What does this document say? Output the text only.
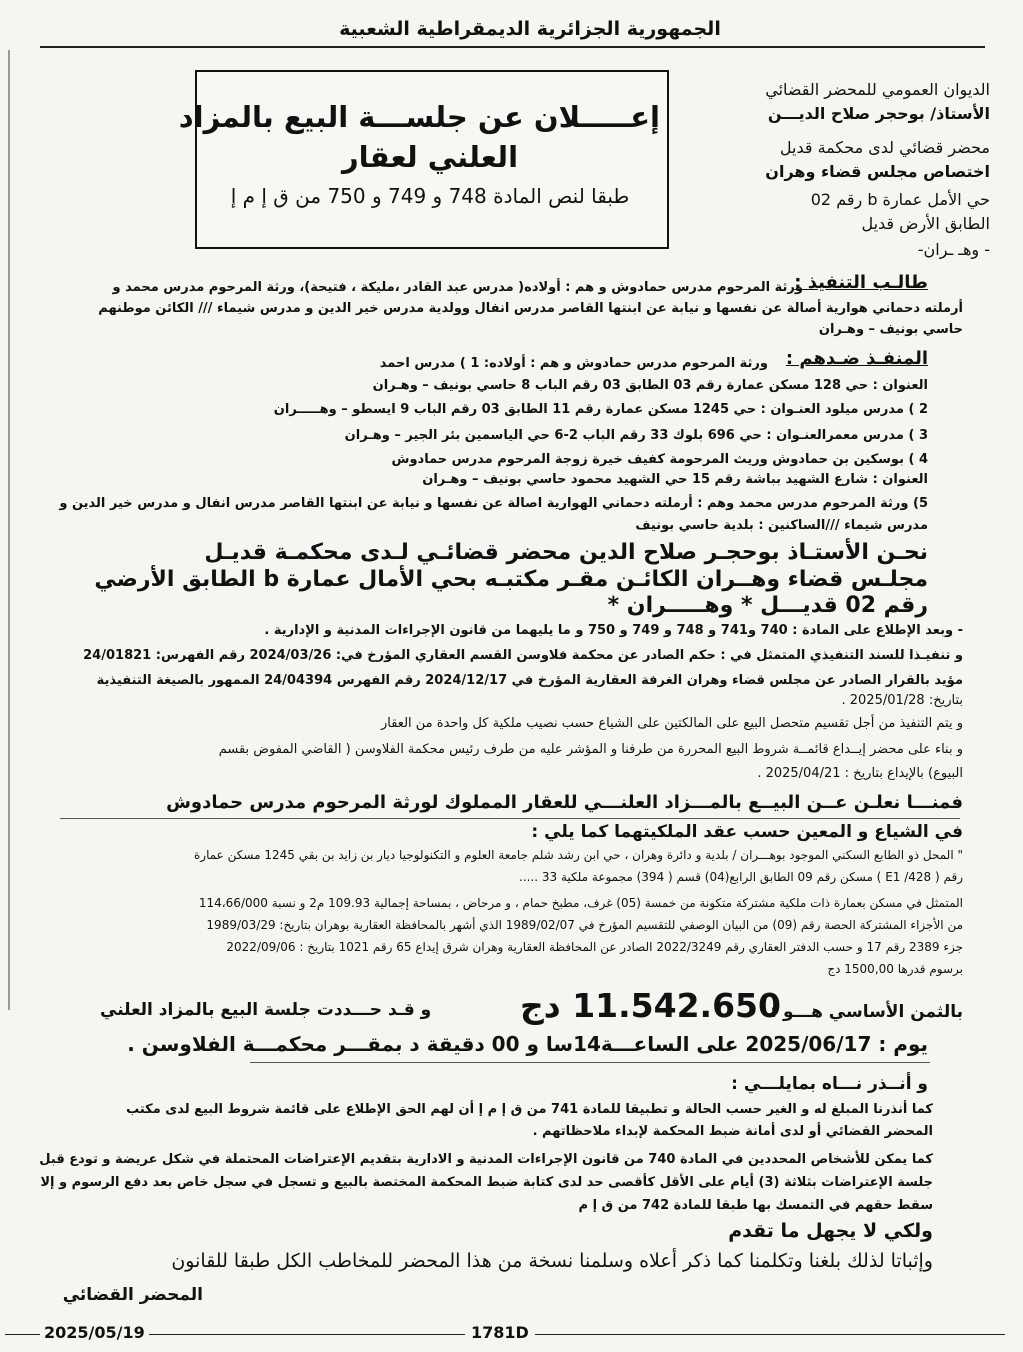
الجمهورية الجزائرية الديمقراطية الشعبية
إعـــــلان عن جلســـة البيع بالمزاد
العلني لعقار
طبقا لنص المادة 748 و 749 و 750 من ق إ م إ
الديوان العمومي للمحضر القضائي
الأستاذ/ بوحجر صلاح الديـــن
محضر قضائي لدى محكمة قديل
اختصاص مجلس قضاء وهران
حي الأمل عمارة b رقم 02
الطابق الأرض قديل
- وهـ ـران-
طالـب التنفيذ :
ورثة المرحوم مدرس حمادوش و هم : أولاده( مدرس عبد القادر ،مليكة ، فتيحة)، ورثة المرحوم مدرس محمد و
أرملته دحماني هوارية أصالة عن نفسها و نيابة عن ابنتها القاصر مدرس انفال وولدية مدرس خير الدين و مدرس شيماء /// الكائن موطنهم
حاسي بونيف – وهـران
المنفـذ ضـدهم :
ورثة المرحوم مدرس حمادوش و هم : أولاده: 1 ) مدرس احمد
العنوان : حي 128 مسكن عمارة رقم 03 الطابق 03 رقم الباب 8 حاسي بونيف – وهـران
2 ) مدرس ميلود العنـوان : حي 1245 مسكن عمارة رقم 11 الطابق 03 رقم الباب 9 ايسطو – وهـــــران
3 ) مدرس معمرالعنـوان : حي 696 بلوك 33 رقم الباب 2-6 حي الياسمين بئر الجير – وهـران
4 ) بوسكين بن حمادوش وريث المرحومة كفيف خيرة زوجة المرحوم مدرس حمادوش
العنوان : شارع الشهيد بباشة رقم 15 حي الشهيد محمود حاسي بونيف – وهـران
5) ورثة المرحوم مدرس محمد وهم : أرملته دحماني الهوارية اصالة عن نفسها و نيابة عن ابنتها القاصر مدرس انفال و مدرس خير الدين و
مدرس شيماء ///الساكنين : بلدية حاسي بونيف
نحـن الأستـاذ بوحجـر صلاح الدين محضر قضائـي لـدى محكمـة قديـل
مجلـس قضاء وهــران الكائـن مقـر مكتبـه بحي الأمال عمارة b الطابق الأرضي
رقم 02 قديـــل * وهـــــران *
- وبعد الإطلاع على المادة : 740 و741 و 748 و 749 و 750 و ما يليهما من قانون الإجراءات المدنية و الإدارية .
و تنفيـذا للسند التنفيذي المتمثل في : حكم الصادر عن محكمة فلاوسن القسم العقاري المؤرخ في: 2024/03/26 رقم الفهرس: 24/01821
مؤيد بالقرار الصادر عن مجلس قضاء وهران الغرفة العقارية المؤرخ في 2024/12/17 رقم الفهرس 24/04394 الممهور بالصيغة التنفيذية
بتاريخ: 2025/01/28 .
و يتم التنفيذ من أجل تقسيم متحصل البيع على المالكتين على الشياع حسب نصيب ملكية كل واحدة من العقار
و بناء على محضر إيــداع قائمــة شروط البيع المحررة من طرفنا و المؤشر عليه من طرف رئيس محكمة الفلاوسن ( القاضي المفوض بقسم
البيوع) بالإيداع بتاريخ : 2025/04/21 .
فمنـــا نعلـن عــن البيــع بالمـــزاد العلنـــي للعقار المملوك لورثة المرحوم مدرس حمادوش
في الشياع و المعين حسب عقد الملكيتهما كما يلي :
" المحل ذو الطابع السكني الموجود بوهـــران / بلدية و دائرة وهران ، حي ابن رشد شلم جامعة العلوم و التكنولوجيا ديار بن زايد بن بقي 1245 مسكن عمارة
رقم ( 428/ E1 ) مسكن رقم 09 الطابق الرابع(04) قسم ( 394) مجموعة ملكية 33 .....
المتمثل في مسكن بعمارة ذات ملكية مشتركة متكونة من خمسة (05) غرف، مطبخ حمام ، و مرحاض ، بمساحة إجمالية 109.93 م2 و نسبة 114،66/000
من الأجزاء المشتركة الحصة رقم (09) من البيان الوصفي للتقسيم المؤرخ في 1989/02/07 الذي أشهر بالمحافظة العقارية بوهران بتاريخ: 1989/03/29
جزء 2389 رقم 17 و حسب الدفتر العقاري رقم 2022/3249 الصادر عن المحافظة العقارية وهران شرق إيداع 65 رقم 1021 بتاريخ : 2022/09/06
برسوم قدرها 1500,00 دج
بالثمن الأساسي هـــو :
11.542.650 دج
و قـد حـــددت جلسة البيع بالمزاد العلني
يوم : 2025/06/17 على الساعـــة14سا و 00 دقيقة د بمقـــر محكمـــة الفلاوسن .
و أنــذر نـــاه بمايلـــي :
كما أنذرنا المبلغ له و الغير حسب الحالة و تطبيقا للمادة 741 من ق إ م إ أن لهم الحق الإطلاع على قائمة شروط البيع لدى مكتب
المحضر القضائي أو لدى أمانة ضبط المحكمة لإبداء ملاحظاتهم .
كما يمكن للأشخاص المحددين في المادة 740 من قانون الإجراءات المدنية و الادارية بتقديم الإعتراضات المحتملة في شكل عريضة و تودع قبل
جلسة الإعتراضات بثلاثة (3) أيام على الأقل كأقصى حد لدى كتابة ضبط المحكمة المختصة بالبيع و تسجل في سجل خاص بعد دفع الرسوم و إلا
سقط حقهم في التمسك بها طبقا للمادة 742 من ق إ م
ولكي لا يجهل ما تقدم
وإثباتا لذلك بلغنا وتكلمنا كما ذكر أعلاه وسلمنا نسخة من هذا المحضر للمخاطب الكل طبقا للقانون
المحضر القضائي
2025/05/19	1781D
